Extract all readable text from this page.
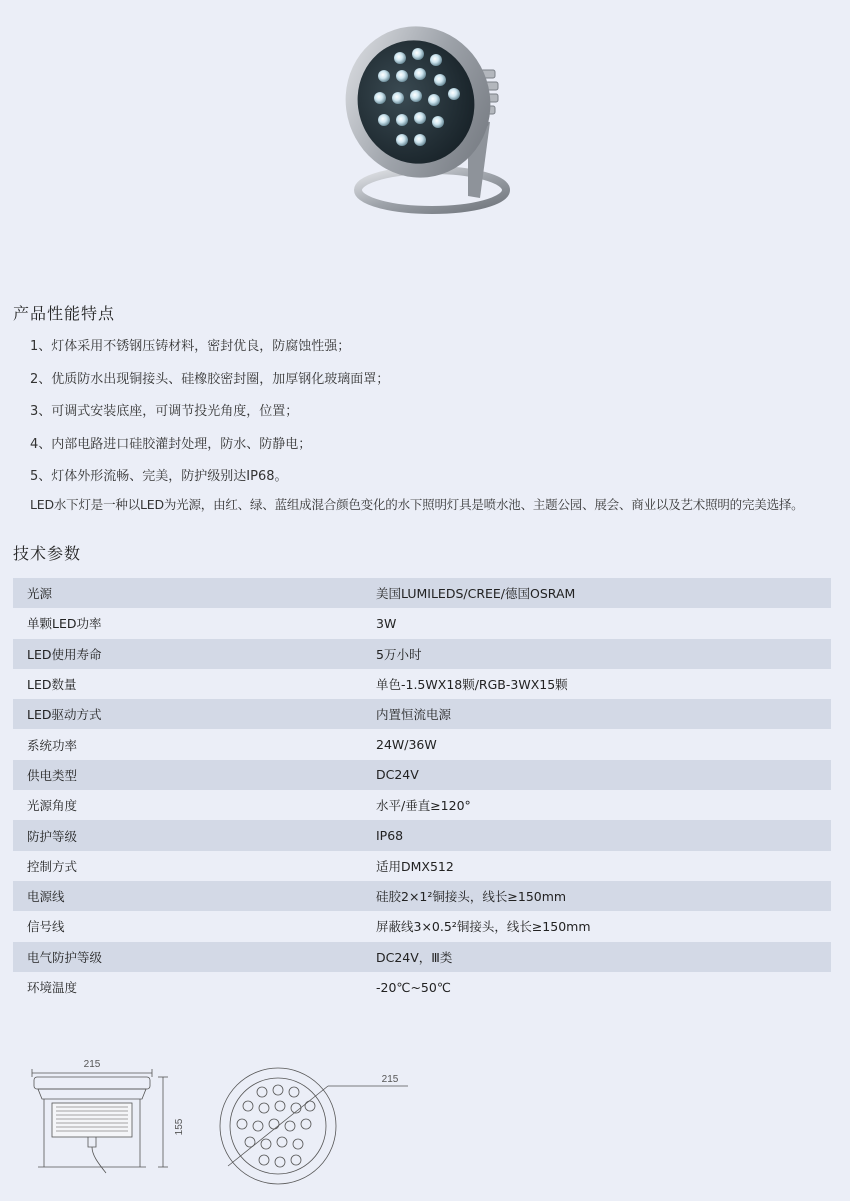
产品性能特点
1、灯体采用不锈钢压铸材料，密封优良，防腐蚀性强；
2、优质防水出现铜接头、硅橡胶密封圈，加厚钢化玻璃面罩；
3、可调式安装底座，可调节投光角度，位置；
4、内部电路进口硅胶灌封处理，防水、防静电；
5、灯体外形流畅、完美，防护级别达IP68。
LED水下灯是一种以LED为光源，由红、绿、蓝组成混合颜色变化的水下照明灯具是喷水池、主题公园、展会、商业以及艺术照明的完美选择。
技术参数
光源	美国LUMILEDS/CREE/德国OSRAM
单颗LED功率	3W
LED使用寿命	5万小时
LED数量	单色-1.5WX18颗/RGB-3WX15颗
LED驱动方式	内置恒流电源
系统功率	24W/36W
供电类型	DC24V
光源角度	水平/垂直≥120°
防护等级	IP68
控制方式	适用DMX512
电源线	硅胶2×1²铜接头，线长≥150mm
信号线	屏蔽线3×0.5²铜接头，线长≥150mm
电气防护等级	DC24V，Ⅲ类
环境温度	-20℃~50℃
215
155
215
